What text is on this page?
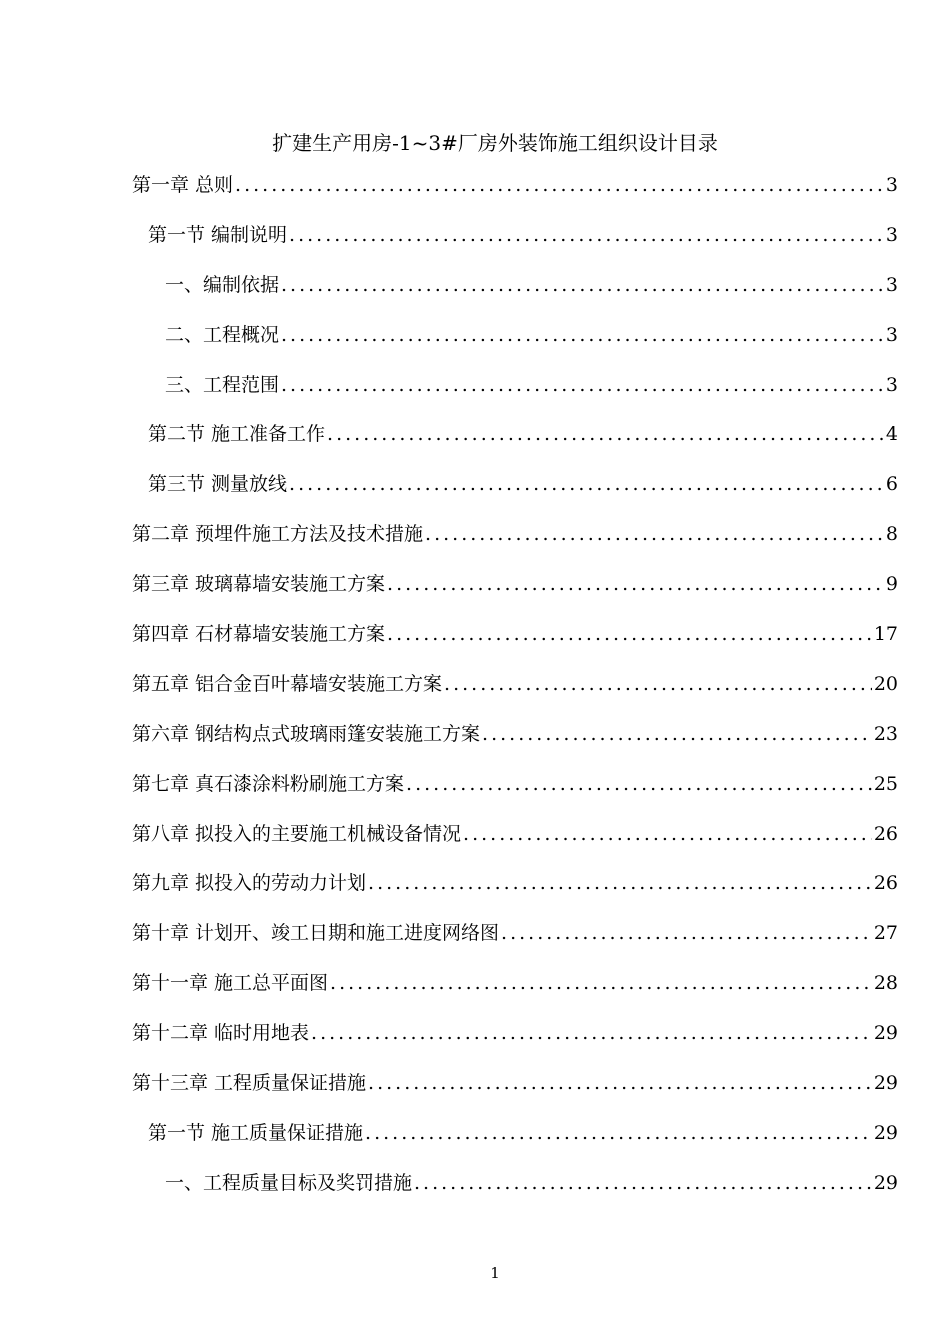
扩建生产用房-1~3#厂房外装饰施工组织设计目录
第一章 总则 .....	3
第一节 编制说明 .....	3
一、编制依据 .....	3
二、工程概况 .....	3
三、工程范围 .....	3
第二节 施工准备工作 .....	4
第三节 测量放线 .....	6
第二章 预埋件施工方法及技术措施 .....	8
第三章 玻璃幕墙安装施工方案 .....	9
第四章 石材幕墙安装施工方案 .....	17
第五章 铝合金百叶幕墙安装施工方案 .....	20
第六章 钢结构点式玻璃雨篷安装施工方案 .....	23
第七章 真石漆涂料粉刷施工方案 .....	25
第八章 拟投入的主要施工机械设备情况 .....	26
第九章 拟投入的劳动力计划 .....	26
第十章 计划开、竣工日期和施工进度网络图 .....	27
第十一章 施工总平面图 .....	28
第十二章 临时用地表 .....	29
第十三章 工程质量保证措施 .....	29
第一节 施工质量保证措施 .....	29
一、工程质量目标及奖罚措施 .....	29
1
